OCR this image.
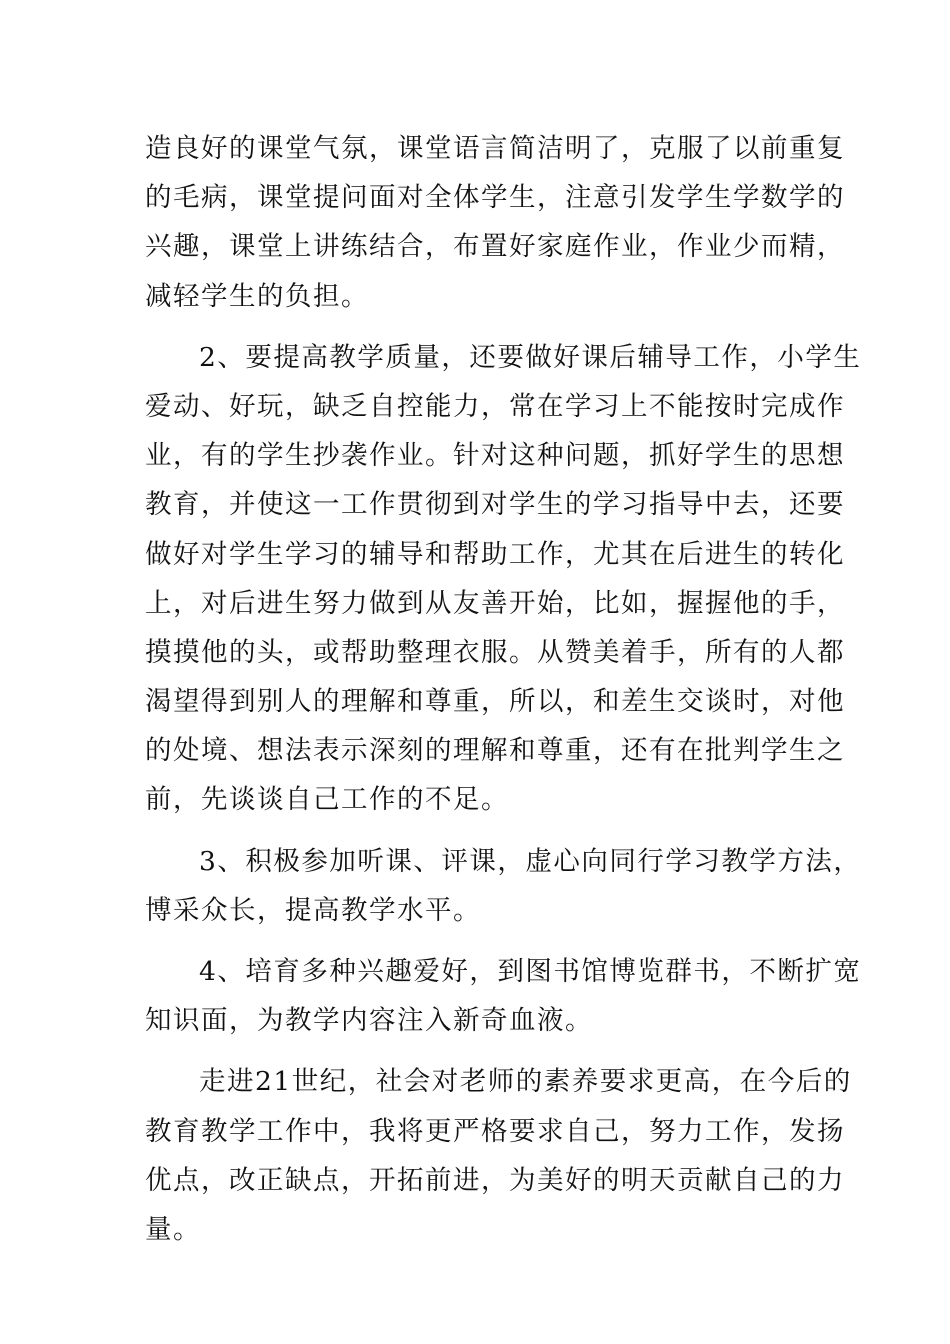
造良好的课堂气氛，课堂语言简洁明了，克服了以前重复
的毛病，课堂提问面对全体学生，注意引发学生学数学的
兴趣，课堂上讲练结合，布置好家庭作业，作业少而精，
减轻学生的负担。
2、要提高教学质量，还要做好课后辅导工作，小学生
爱动、好玩，缺乏自控能力，常在学习上不能按时完成作
业，有的学生抄袭作业。针对这种问题，抓好学生的思想
教育，并使这一工作贯彻到对学生的学习指导中去，还要
做好对学生学习的辅导和帮助工作，尤其在后进生的转化
上，对后进生努力做到从友善开始，比如，握握他的手，
摸摸他的头，或帮助整理衣服。从赞美着手，所有的人都
渴望得到别人的理解和尊重，所以，和差生交谈时，对他
的处境、想法表示深刻的理解和尊重，还有在批判学生之
前，先谈谈自己工作的不足。
3、积极参加听课、评课，虚心向同行学习教学方法，
博采众长，提高教学水平。
4、培育多种兴趣爱好，到图书馆博览群书，不断扩宽
知识面，为教学内容注入新奇血液。
走进21世纪，社会对老师的素养要求更高，在今后的
教育教学工作中，我将更严格要求自己，努力工作，发扬
优点，改正缺点，开拓前进，为美好的明天贡献自己的力
量。
